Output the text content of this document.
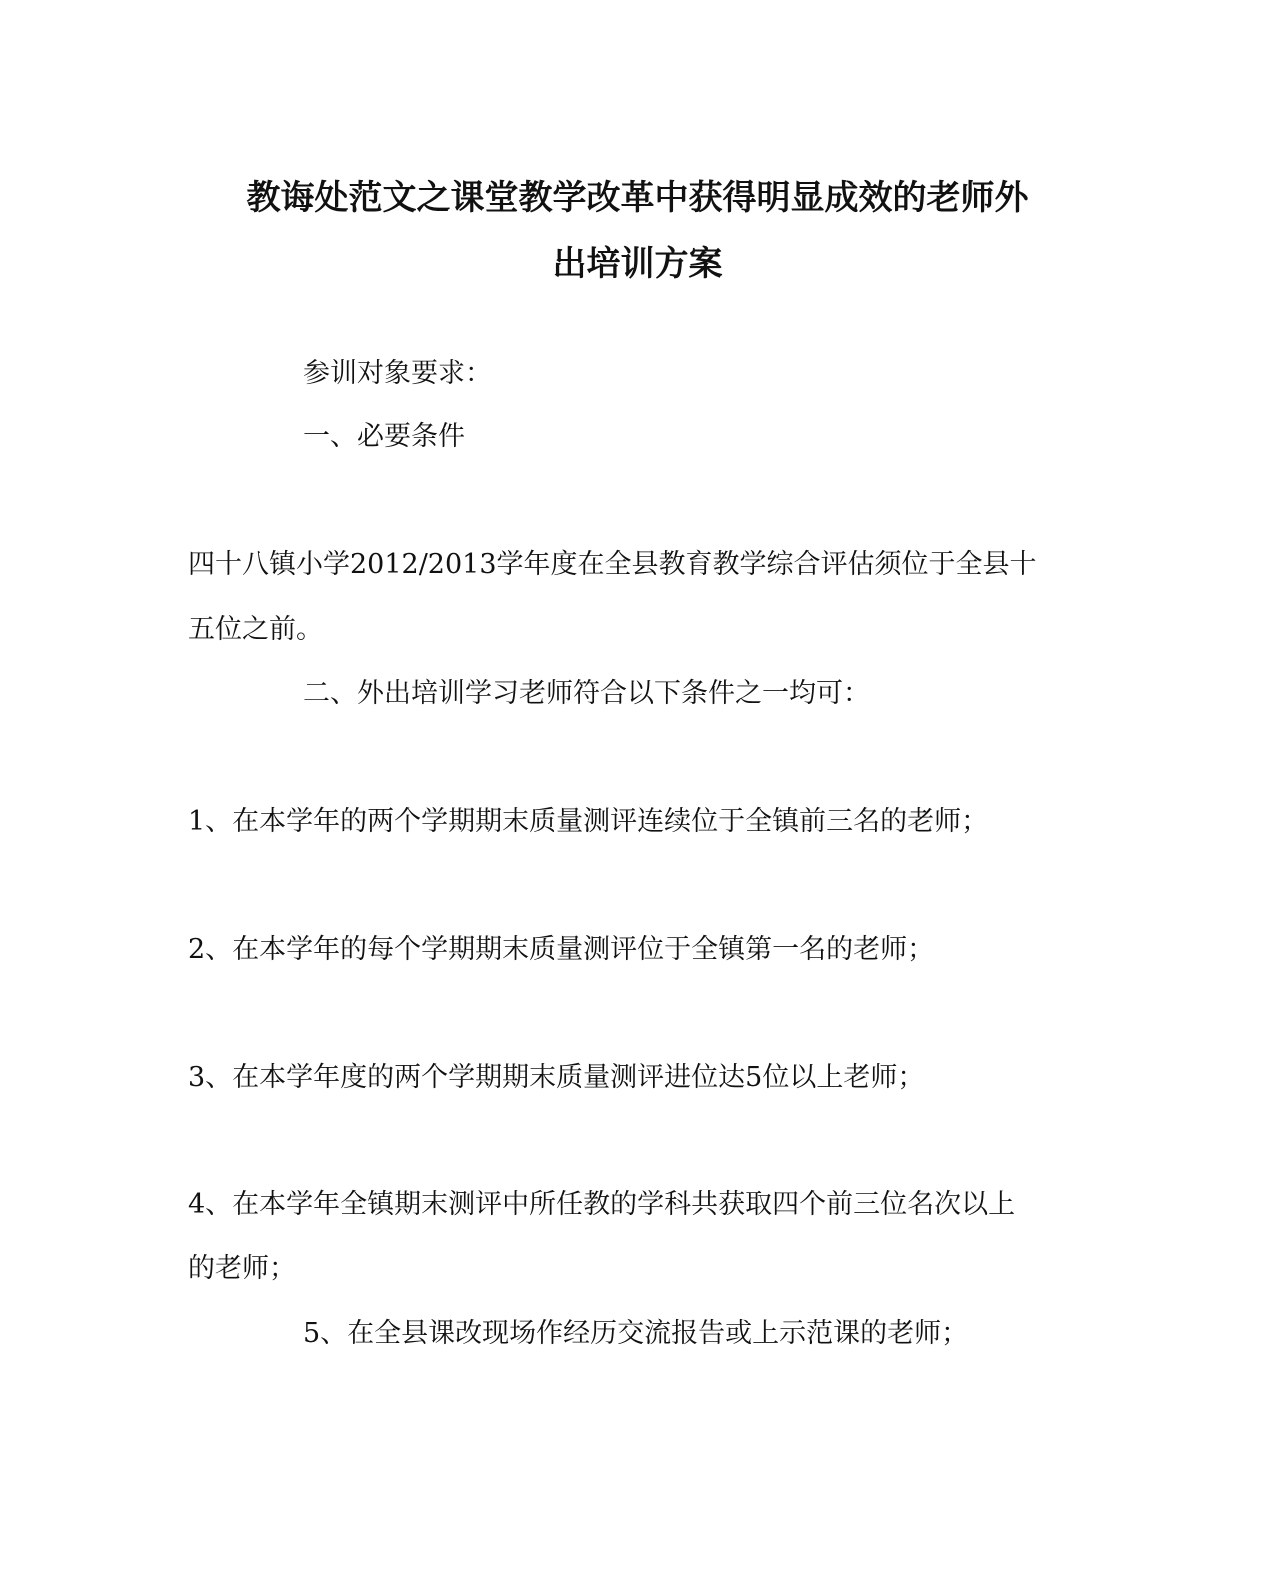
教诲处范文之课堂教学改革中获得明显成效的老师外
出培训方案
参训对象要求：
一、必要条件
四十八镇小学2012/2013学年度在全县教育教学综合评估须位于全县十
五位之前。
二、外出培训学习老师符合以下条件之一均可：
1、在本学年的两个学期期末质量测评连续位于全镇前三名的老师；
2、在本学年的每个学期期末质量测评位于全镇第一名的老师；
3、在本学年度的两个学期期末质量测评进位达5位以上老师；
4、在本学年全镇期末测评中所任教的学科共获取四个前三位名次以上
的老师；
5、在全县课改现场作经历交流报告或上示范课的老师；
